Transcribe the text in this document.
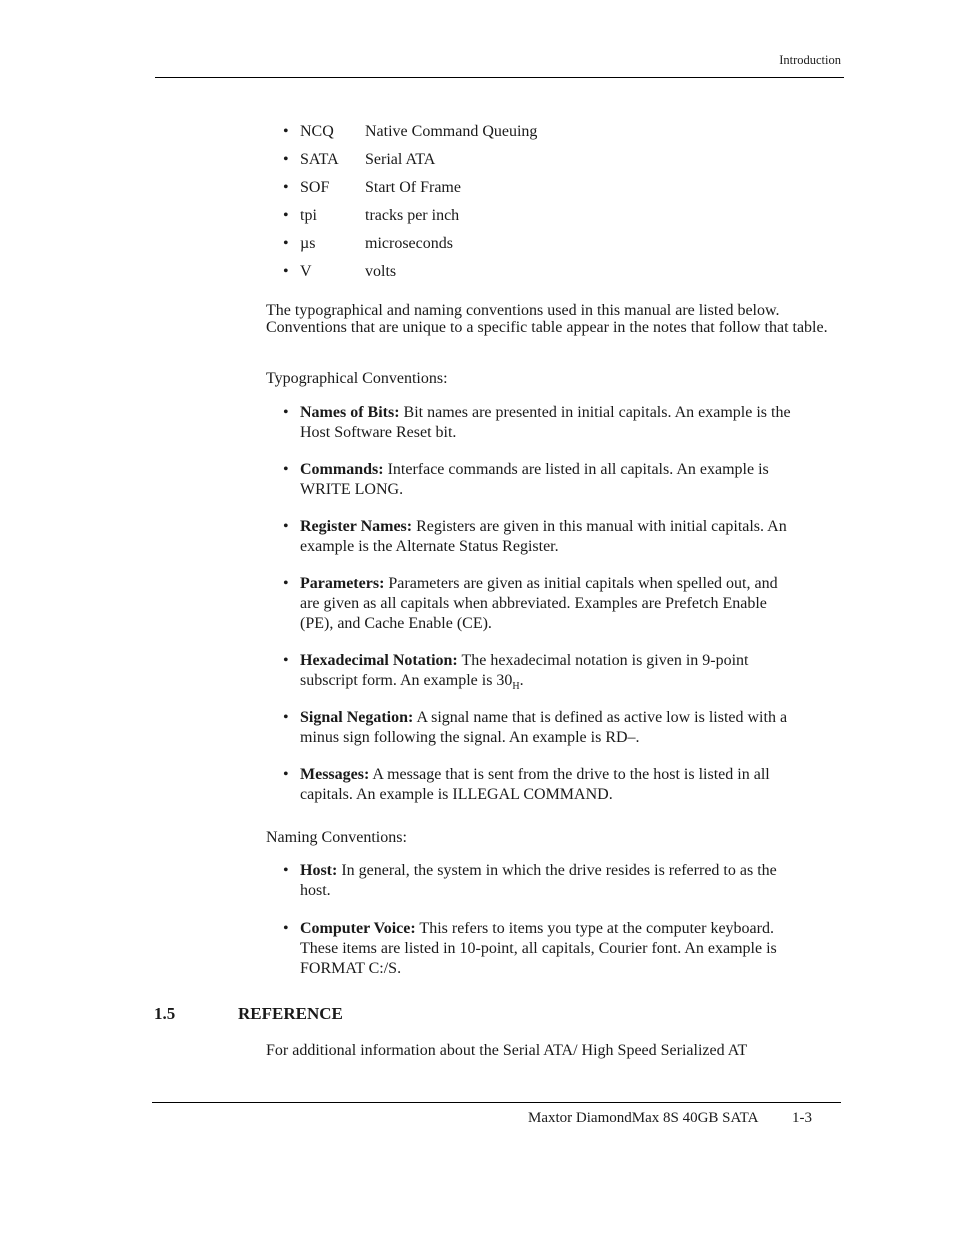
Introduction
• NCQ Native Command Queuing
• SATA Serial ATA
• SOF Start Of Frame
• tpi	tracks per inch
• µs	microseconds
• V	volts

The typographical and naming conventions used in this manual are listed below. Conventions that are unique to a specific table appear in the notes that follow that table.

Typographical Conventions:

• Names of Bits: Bit names are presented in initial capitals. An example is the Host Software Reset bit.
• Commands: Interface commands are listed in all capitals. An example is WRITE LONG.
• Register Names: Registers are given in this manual with initial capitals. An example is the Alternate Status Register.
• Parameters: Parameters are given as initial capitals when spelled out, and are given as all capitals when abbreviated. Examples are Prefetch Enable (PE), and Cache Enable (CE).
• Hexadecimal Notation: The hexadecimal notation is given in 9-point subscript form. An example is $30_H$.
• Signal Negation: A signal name that is defined as active low is listed with a minus sign following the signal. An example is RD–.
• Messages: A message that is sent from the drive to the host is listed in all capitals. An example is ILLEGAL COMMAND.

Naming Conventions:

• Host: In general, the system in which the drive resides is referred to as the host.
• Computer Voice: This refers to items you type at the computer keyboard. These items are listed in 10-point, all capitals, Courier font. An example is FORMAT C:/S.
1.5	REFERENCE

For additional information about the Serial ATA/ High Speed Serialized AT

Maxtor DiamondMax 8S 40GB SATA 1-3
